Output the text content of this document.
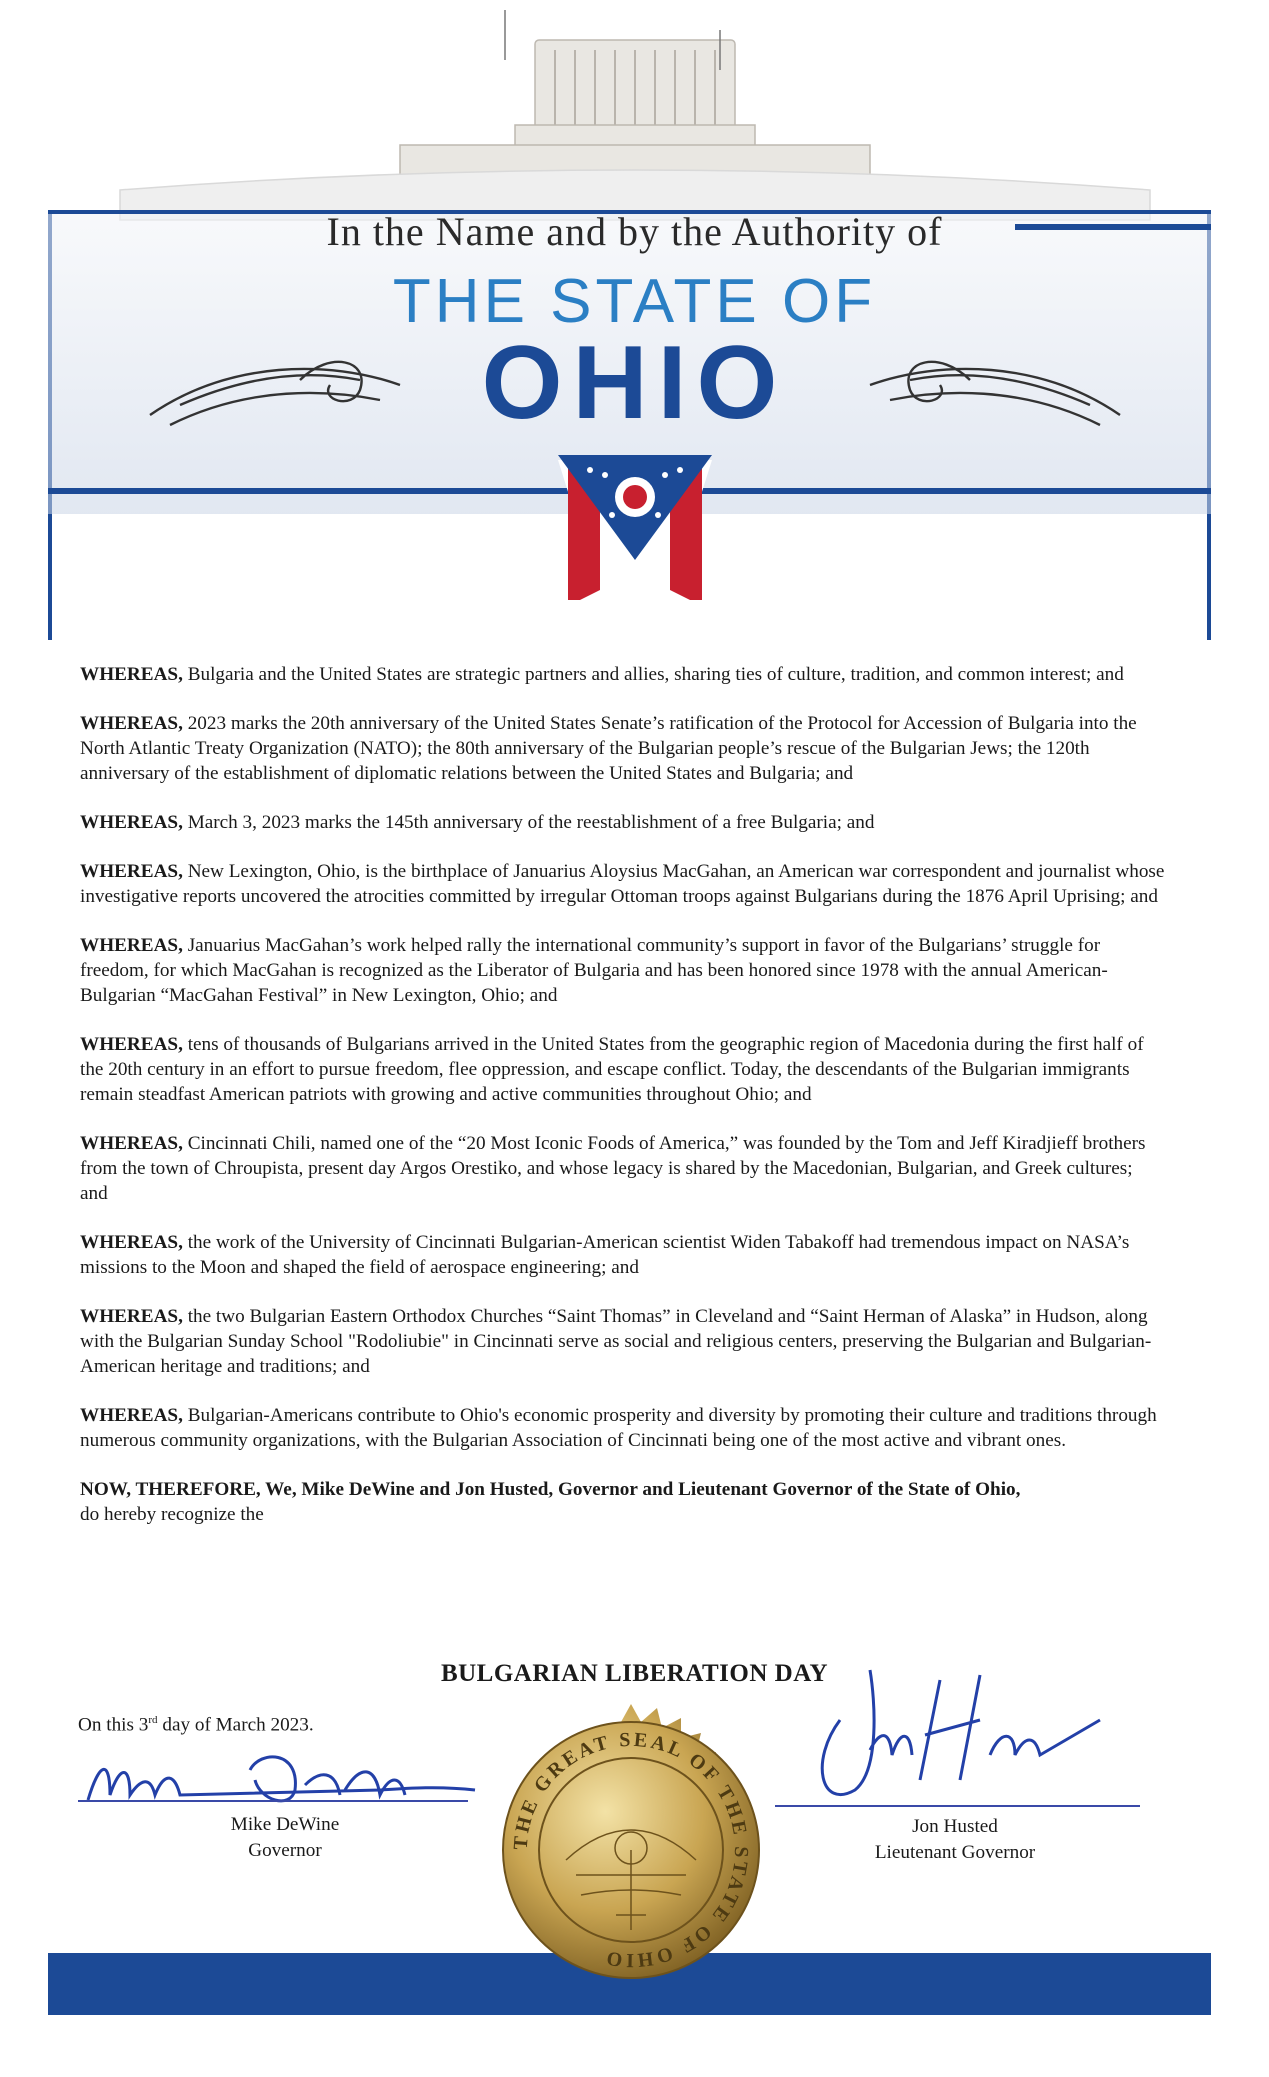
In the Name and by the Authority of
THE STATE OF
OHIO

WHEREAS, Bulgaria and the United States are strategic partners and allies, sharing ties of culture, tradition, and common interest; and

WHEREAS, 2023 marks the 20th anniversary of the United States Senate’s ratification of the Protocol for Accession of Bulgaria into the North Atlantic Treaty Organization (NATO); the 80th anniversary of the Bulgarian people’s rescue of the Bulgarian Jews; the 120th anniversary of the establishment of diplomatic relations between the United States and Bulgaria; and

WHEREAS, March 3, 2023 marks the 145th anniversary of the reestablishment of a free Bulgaria; and

WHEREAS, New Lexington, Ohio, is the birthplace of Januarius Aloysius MacGahan, an American war correspondent and journalist whose investigative reports uncovered the atrocities committed by irregular Ottoman troops against Bulgarians during the 1876 April Uprising; and

WHEREAS, Januarius MacGahan’s work helped rally the international community’s support in favor of the Bulgarians’ struggle for freedom, for which MacGahan is recognized as the Liberator of Bulgaria and has been honored since 1978 with the annual American-Bulgarian “MacGahan Festival” in New Lexington, Ohio; and

WHEREAS, tens of thousands of Bulgarians arrived in the United States from the geographic region of Macedonia during the first half of the 20th century in an effort to pursue freedom, flee oppression, and escape conflict. Today, the descendants of the Bulgarian immigrants remain steadfast American patriots with growing and active communities throughout Ohio; and

WHEREAS, Cincinnati Chili, named one of the “20 Most Iconic Foods of America,” was founded by the Tom and Jeff Kiradjieff brothers from the town of Chroupista, present day Argos Orestiko, and whose legacy is shared by the Macedonian, Bulgarian, and Greek cultures; and

WHEREAS, the work of the University of Cincinnati Bulgarian-American scientist Widen Tabakoff had tremendous impact on NASA’s missions to the Moon and shaped the field of aerospace engineering; and

WHEREAS, the two Bulgarian Eastern Orthodox Churches “Saint Thomas” in Cleveland and “Saint Herman of Alaska” in Hudson, along with the Bulgarian Sunday School "Rodoliubie" in Cincinnati serve as social and religious centers, preserving the Bulgarian and Bulgarian-American heritage and traditions; and

WHEREAS, Bulgarian-Americans contribute to Ohio's economic prosperity and diversity by promoting their culture and traditions through numerous community organizations, with the Bulgarian Association of Cincinnati being one of the most active and vibrant ones.

NOW, THEREFORE, We, Mike DeWine and Jon Husted, Governor and Lieutenant Governor of the State of Ohio,
do hereby recognize the

BULGARIAN LIBERATION DAY
On this 3rd day of March 2023.
Mike DeWine
Governor
Jon Husted
Lieutenant Governor
THE GREAT SEAL OF THE STATE OF OHIO
